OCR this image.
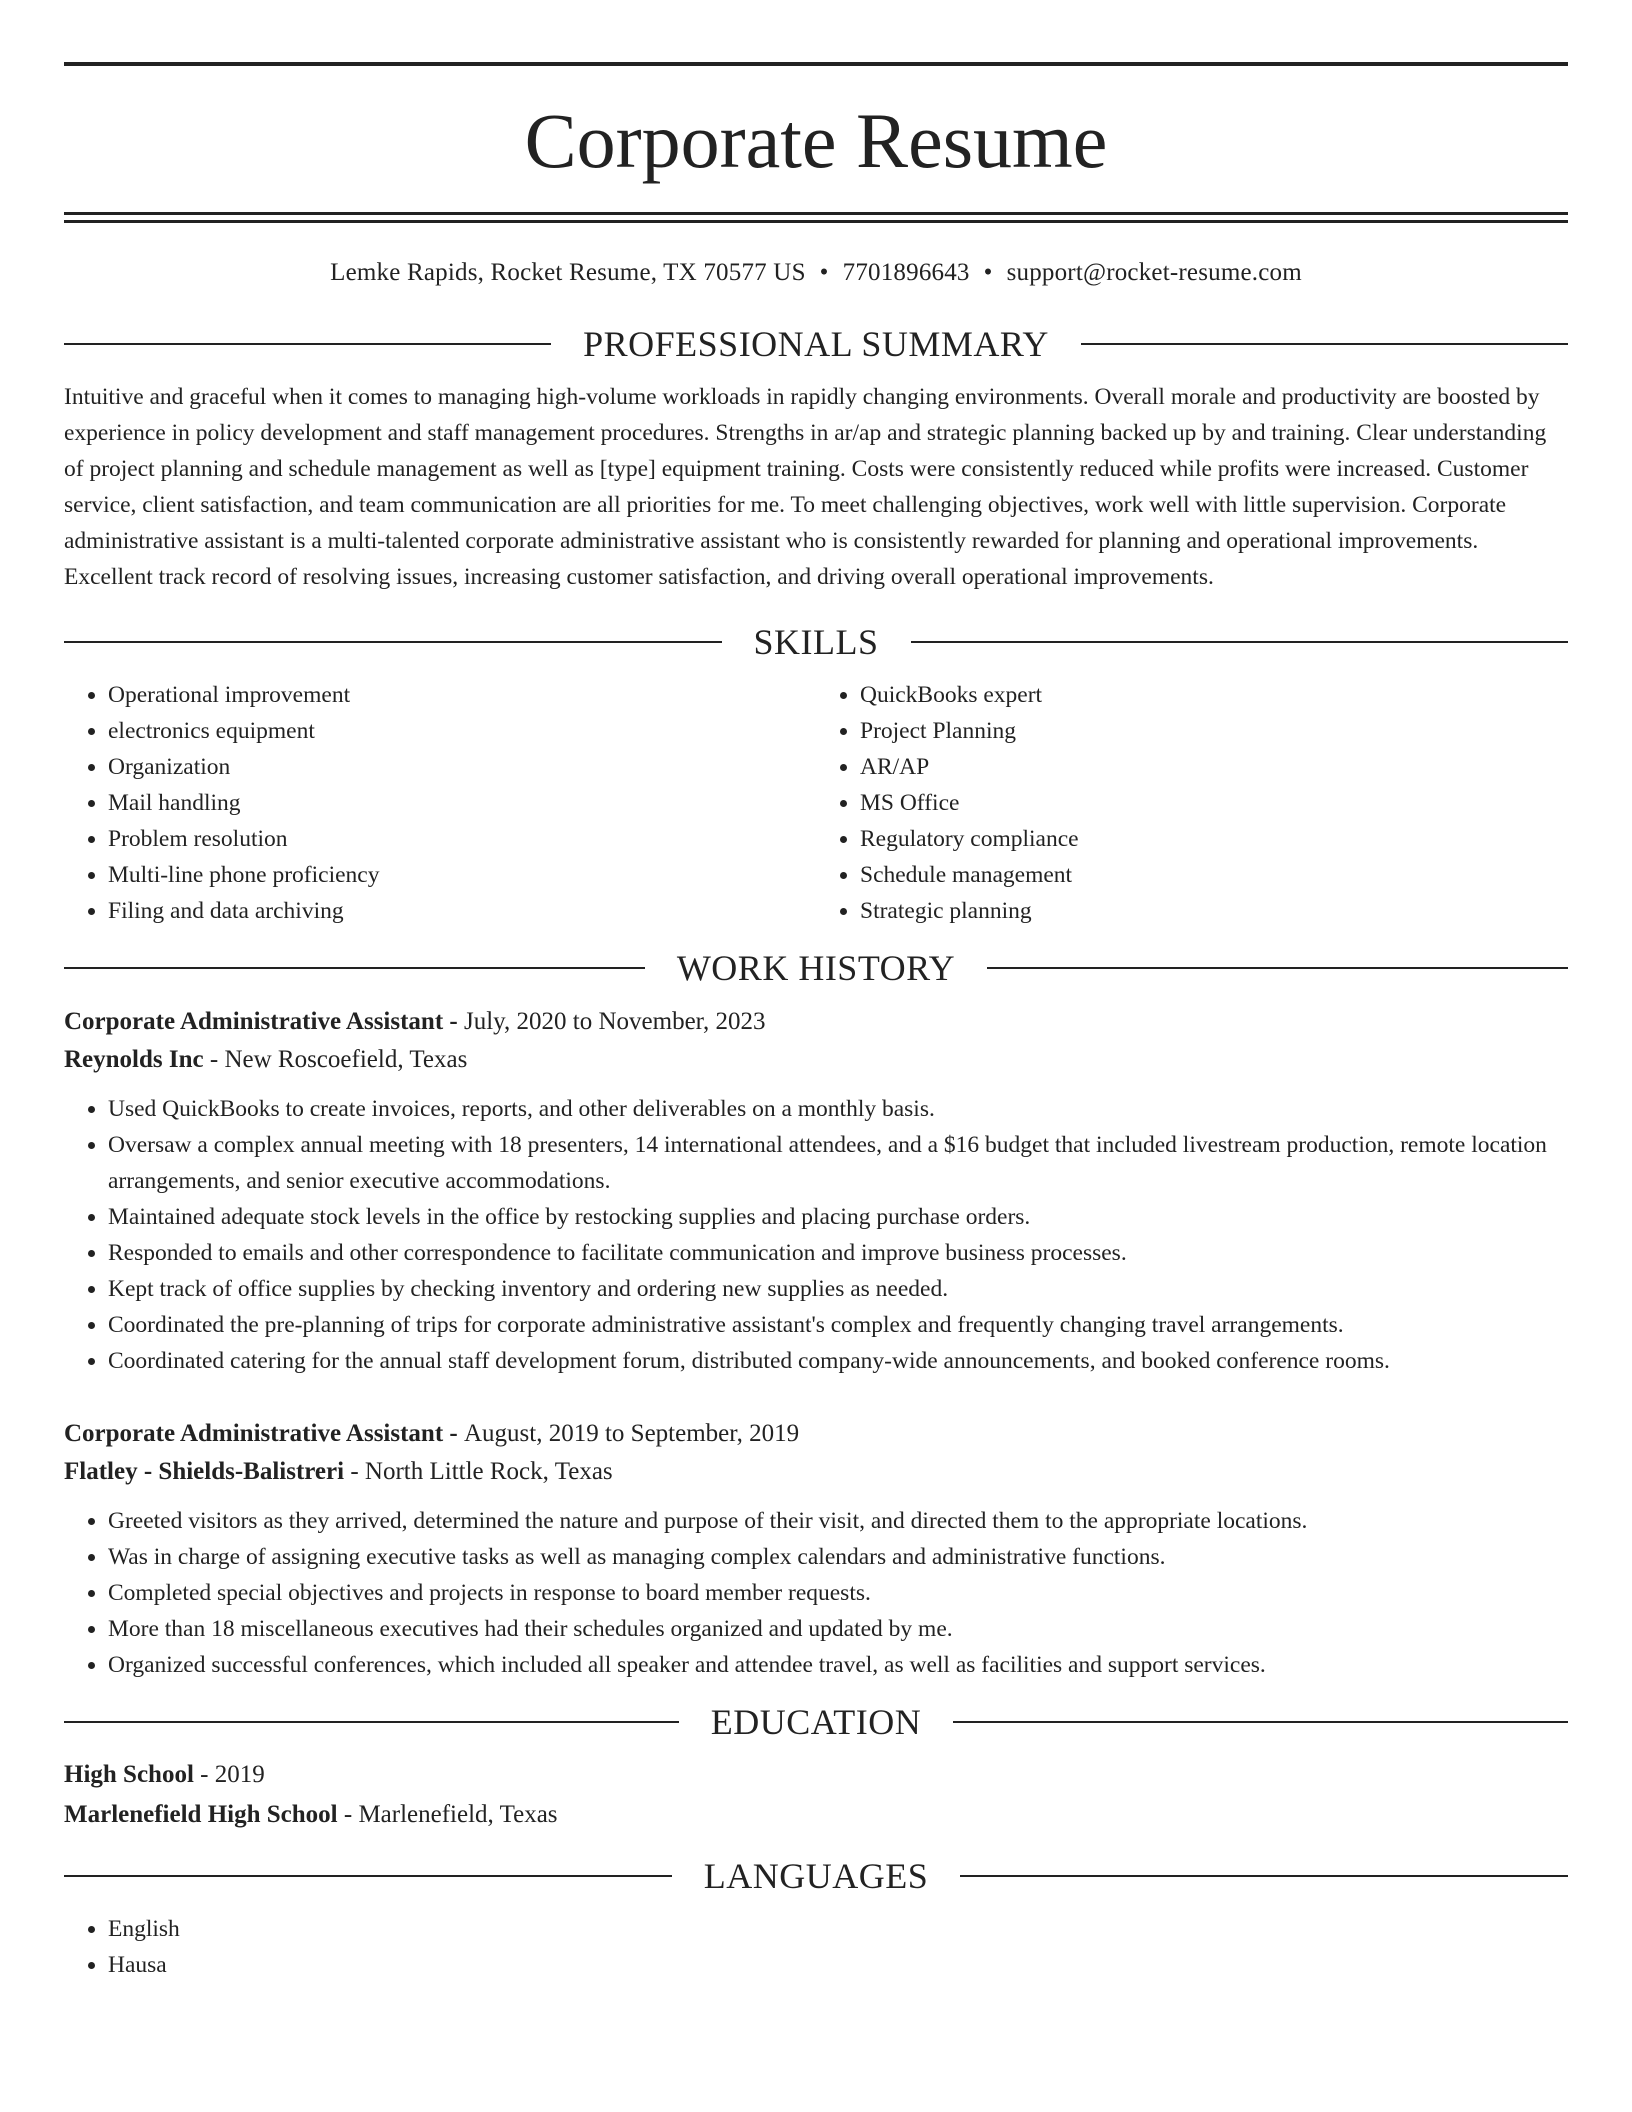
Corporate Resume
Lemke Rapids, Rocket Resume, TX 70577 US • 7701896643 • support@rocket-resume.com
PROFESSIONAL SUMMARY

Intuitive and graceful when it comes to managing high-volume workloads in rapidly changing environments. Overall morale and productivity are boosted by experience in policy development and staff management procedures. Strengths in ar/ap and strategic planning backed up by and training. Clear understanding of project planning and schedule management as well as [type] equipment training. Costs were consistently reduced while profits were increased. Customer service, client satisfaction, and team communication are all priorities for me. To meet challenging objectives, work well with little supervision. Corporate administrative assistant is a multi-talented corporate administrative assistant who is consistently rewarded for planning and operational improvements. Excellent track record of resolving issues, increasing customer satisfaction, and driving overall operational improvements.

SKILLS
• Operational improvement
• electronics equipment
• Organization
• Mail handling
• Problem resolution
• Multi-line phone proficiency
• Filing and data archiving
• QuickBooks expert
• Project Planning
• AR/AP
• MS Office
• Regulatory compliance
• Schedule management
• Strategic planning
WORK HISTORY
Corporate Administrative Assistant - July, 2020 to November, 2023
Reynolds Inc - New Roscoefield, Texas
• Used QuickBooks to create invoices, reports, and other deliverables on a monthly basis.
• Oversaw a complex annual meeting with 18 presenters, 14 international attendees, and a $16 budget that included livestream production, remote location arrangements, and senior executive accommodations.
• Maintained adequate stock levels in the office by restocking supplies and placing purchase orders.
• Responded to emails and other correspondence to facilitate communication and improve business processes.
• Kept track of office supplies by checking inventory and ordering new supplies as needed.
• Coordinated the pre-planning of trips for corporate administrative assistant's complex and frequently changing travel arrangements.
• Coordinated catering for the annual staff development forum, distributed company-wide announcements, and booked conference rooms.
Corporate Administrative Assistant - August, 2019 to September, 2019
Flatley - Shields-Balistreri - North Little Rock, Texas
• Greeted visitors as they arrived, determined the nature and purpose of their visit, and directed them to the appropriate locations.
• Was in charge of assigning executive tasks as well as managing complex calendars and administrative functions.
• Completed special objectives and projects in response to board member requests.
• More than 18 miscellaneous executives had their schedules organized and updated by me.
• Organized successful conferences, which included all speaker and attendee travel, as well as facilities and support services.
EDUCATION
High School - 2019
Marlenefield High School - Marlenefield, Texas
LANGUAGES
• English
• Hausa
